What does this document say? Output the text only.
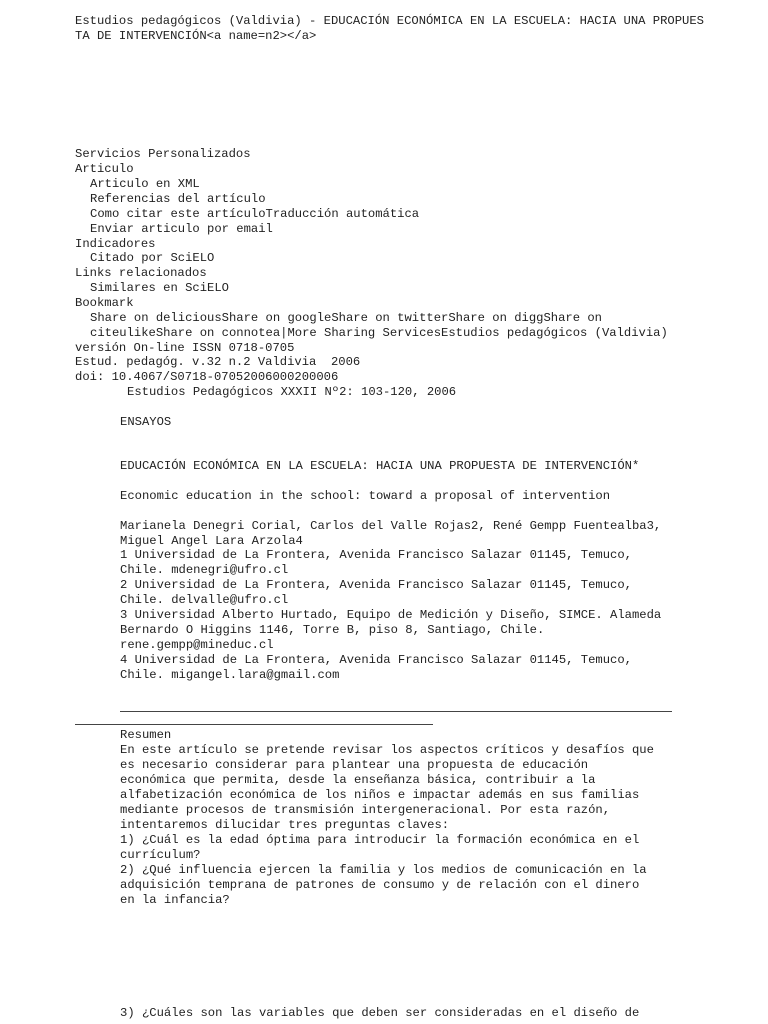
Estudios pedagógicos (Valdivia) - EDUCACIÓN ECONÓMICA EN LA ESCUELA: HACIA UNA PROPUES
TA DE INTERVENCIÓN<a name=n2></a>
Servicios Personalizados
Articulo
Articulo en XML
Referencias del artículo
Como citar este artículoTraducción automática
Enviar articulo por email
Indicadores
Citado por SciELO
Links relacionados
Similares en SciELO
Bookmark
Share on deliciousShare on googleShare on twitterShare on diggShare on
citeulikeShare on connotea|More Sharing ServicesEstudios pedagógicos (Valdivia)
versión On-line ISSN 0718-0705
Estud. pedagóg. v.32 n.2 Valdivia  2006
doi: 10.4067/S0718-07052006000200006
Estudios Pedagógicos XXXII Nº2: 103-120, 2006
ENSAYOS
EDUCACIÓN ECONÓMICA EN LA ESCUELA: HACIA UNA PROPUESTA DE INTERVENCIÓN*
Economic education in the school: toward a proposal of intervention
Marianela Denegri Corial, Carlos del Valle Rojas2, René Gempp Fuentealba3,
Miguel Angel Lara Arzola4
1 Universidad de La Frontera, Avenida Francisco Salazar 01145, Temuco,
Chile. mdenegri@ufro.cl
2 Universidad de La Frontera, Avenida Francisco Salazar 01145, Temuco,
Chile. delvalle@ufro.cl
3 Universidad Alberto Hurtado, Equipo de Medición y Diseño, SIMCE. Alameda
Bernardo OHiggins 1146, Torre B, piso 8, Santiago, Chile.
rene.gempp@mineduc.cl
4 Universidad de La Frontera, Avenida Francisco Salazar 01145, Temuco,
Chile. migangel.lara@gmail.com
Resumen
En este artículo se pretende revisar los aspectos críticos y desafíos que
es necesario considerar para plantear una propuesta de educación
económica que permita, desde la enseñanza básica, contribuir a la
alfabetización económica de los niños e impactar además en sus familias
mediante procesos de transmisión intergeneracional. Por esta razón,
intentaremos dilucidar tres preguntas claves:
1) ¿Cuál es la edad óptima para introducir la formación económica en el
currículum?
2) ¿Qué influencia ejercen la familia y los medios de comunicación en la
adquisición temprana de patrones de consumo y de relación con el dinero
en la infancia?
3) ¿Cuáles son las variables que deben ser consideradas en el diseño de
